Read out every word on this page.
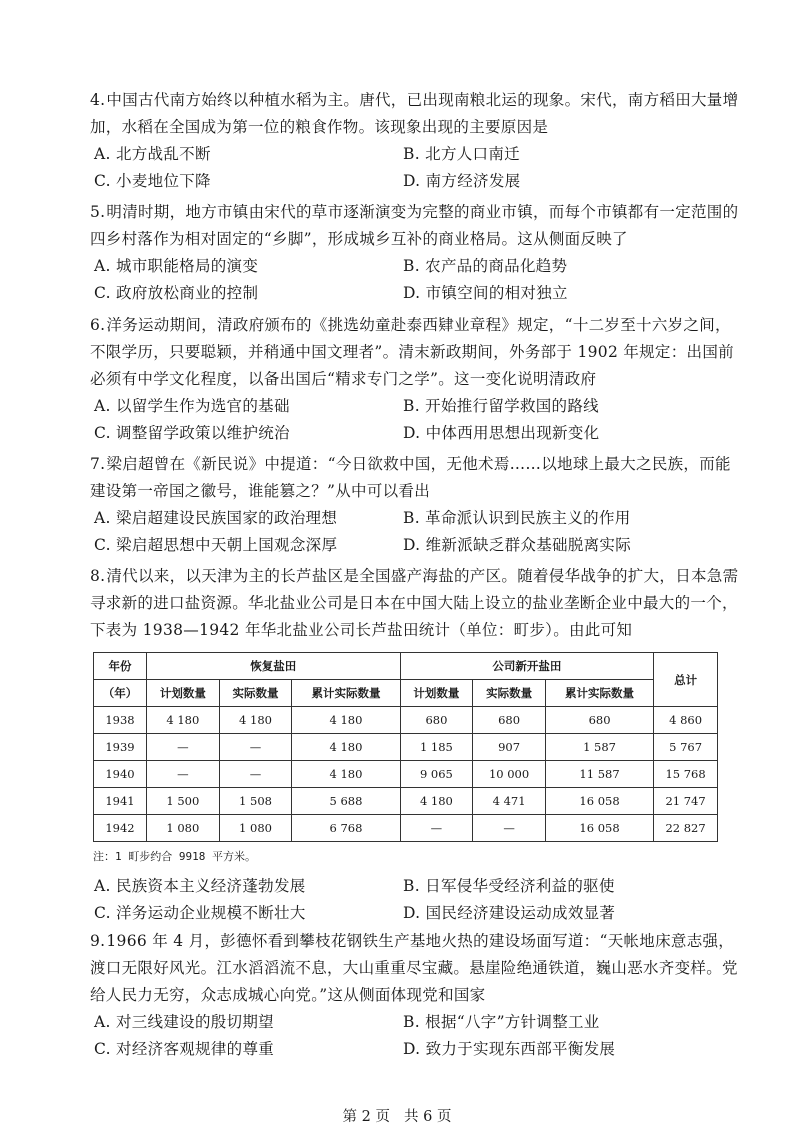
4.中国古代南方始终以种植水稻为主。唐代，已出现南粮北运的现象。宋代，南方稻田大量增加，水稻在全国成为第一位的粮食作物。该现象出现的主要原因是

A. 北方战乱不断	B. 北方人口南迁
C. 小麦地位下降	D. 南方经济发展

5.明清时期，地方市镇由宋代的草市逐渐演变为完整的商业市镇，而每个市镇都有一定范围的四乡村落作为相对固定的“乡脚”，形成城乡互补的商业格局。这从侧面反映了

A. 城市职能格局的演变	B. 农产品的商品化趋势
C. 政府放松商业的控制	D. 市镇空间的相对独立

6.洋务运动期间，清政府颁布的《挑选幼童赴泰西肄业章程》规定，“十二岁至十六岁之间，不限学历，只要聪颖，并稍通中国文理者”。清末新政期间，外务部于 1902 年规定：出国前必须有中学文化程度，以备出国后“精求专门之学”。这一变化说明清政府

A. 以留学生作为选官的基础	B. 开始推行留学救国的路线
C. 调整留学政策以维护统治	D. 中体西用思想出现新变化

7.梁启超曾在《新民说》中提道：“今日欲救中国，无他术焉……以地球上最大之民族，而能建设第一帝国之徽号，谁能篡之？”从中可以看出

A. 梁启超建设民族国家的政治理想	B. 革命派认识到民族主义的作用
C. 梁启超思想中天朝上国观念深厚	D. 维新派缺乏群众基础脱离实际

8.清代以来，以天津为主的长芦盐区是全国盛产海盐的产区。随着侵华战争的扩大，日本急需寻求新的进口盐资源。华北盐业公司是日本在中国大陆上设立的盐业垄断企业中最大的一个，下表为 1938—1942 年华北盐业公司长芦盐田统计（单位：町步）。由此可知

年份	恢复盐田			公司新开盐田			总计
（年）	计划数量	实际数量	累计实际数量	计划数量	实际数量	累计实际数量	
1938	4 180	4 180	4 180	680	680	680	4 860
1939	—	—	4 180	1 185	907	1 587	5 767
1940	—	—	4 180	9 065	10 000	11 587	15 768
1941	1 500	1 508	5 688	4 180	4 471	16 058	21 747
1942	1 080	1 080	6 768	—	—	16 058	22 827
注：1 町步约合 9918 平方米。
A. 民族资本主义经济蓬勃发展	B. 日军侵华受经济利益的驱使
C. 洋务运动企业规模不断壮大	D. 国民经济建设运动成效显著

9.1966 年 4 月，彭德怀看到攀枝花钢铁生产基地火热的建设场面写道：“天帐地床意志强，渡口无限好风光。江水滔滔流不息，大山重重尽宝藏。悬崖险绝通铁道，巍山恶水齐变样。党给人民力无穷，众志成城心向党。”这从侧面体现党和国家

A. 对三线建设的殷切期望	B. 根据“八字”方针调整工业
C. 对经济客观规律的尊重	D. 致力于实现东西部平衡发展
第 2 页 共 6 页
